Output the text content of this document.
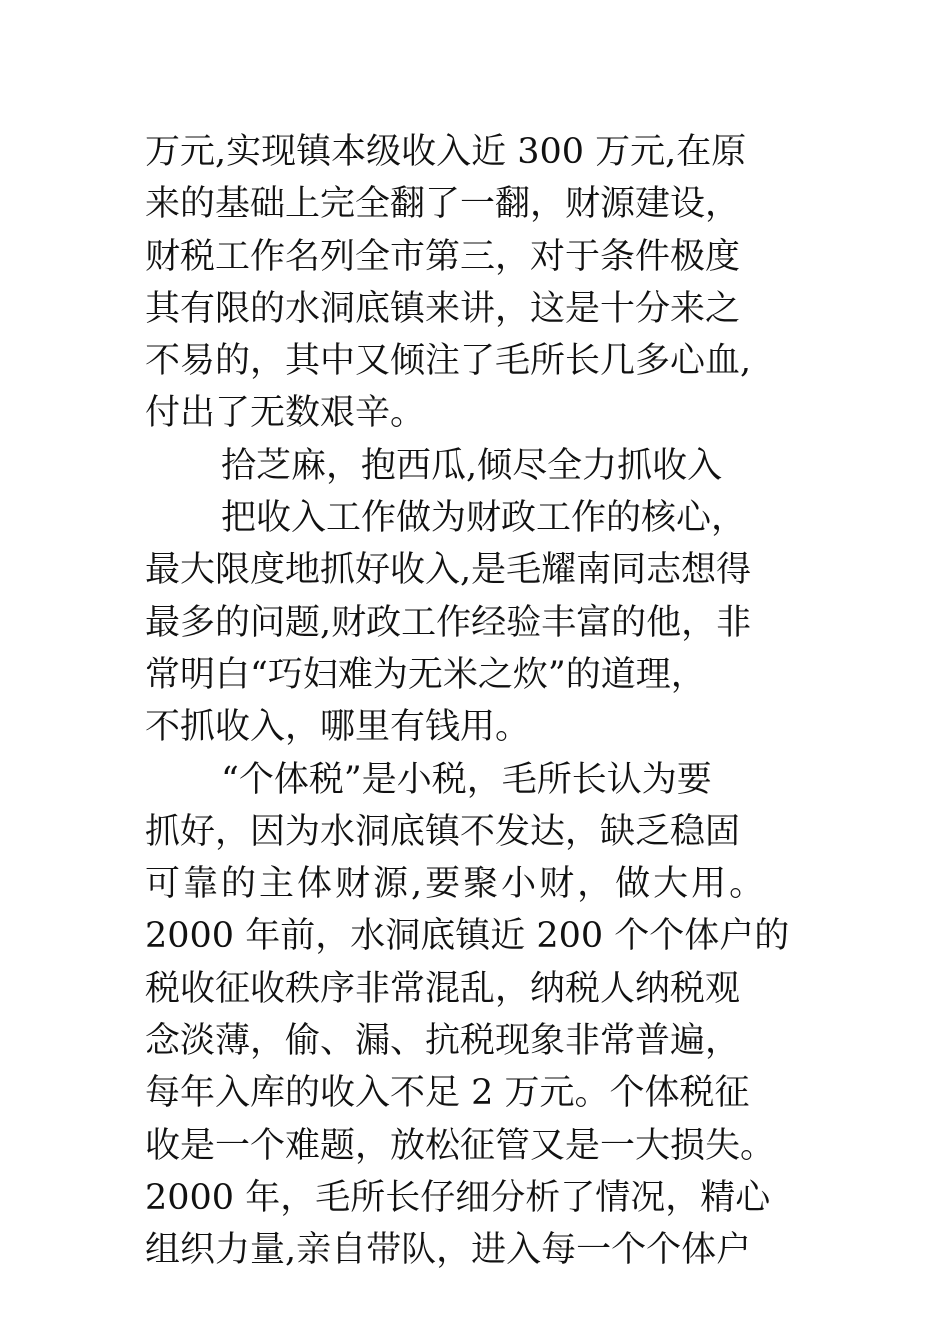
万元,实现镇本级收入近 300 万元,在原
来的基础上完全翻了一翻，财源建设，
财税工作名列全市第三，对于条件极度
其有限的水洞底镇来讲，这是十分来之
不易的，其中又倾注了毛所长几多心血,
付出了无数艰辛。
拾芝麻，抱西瓜,倾尽全力抓收入
把收入工作做为财政工作的核心，
最大限度地抓好收入,是毛耀南同志想得
最多的问题,财政工作经验丰富的他，非
常明白“巧妇难为无米之炊”的道理，
不抓收入，哪里有钱用。
“个体税”是小税，毛所长认为要
抓好，因为水洞底镇不发达，缺乏稳固
可靠的主体财源,要聚小财，做大用。
2000 年前，水洞底镇近 200 个个体户的
税收征收秩序非常混乱，纳税人纳税观
念淡薄，偷、漏、抗税现象非常普遍，
每年入库的收入不足 2 万元。个体税征
收是一个难题，放松征管又是一大损失。
2000 年，毛所长仔细分析了情况，精心
组织力量,亲自带队，进入每一个个体户
